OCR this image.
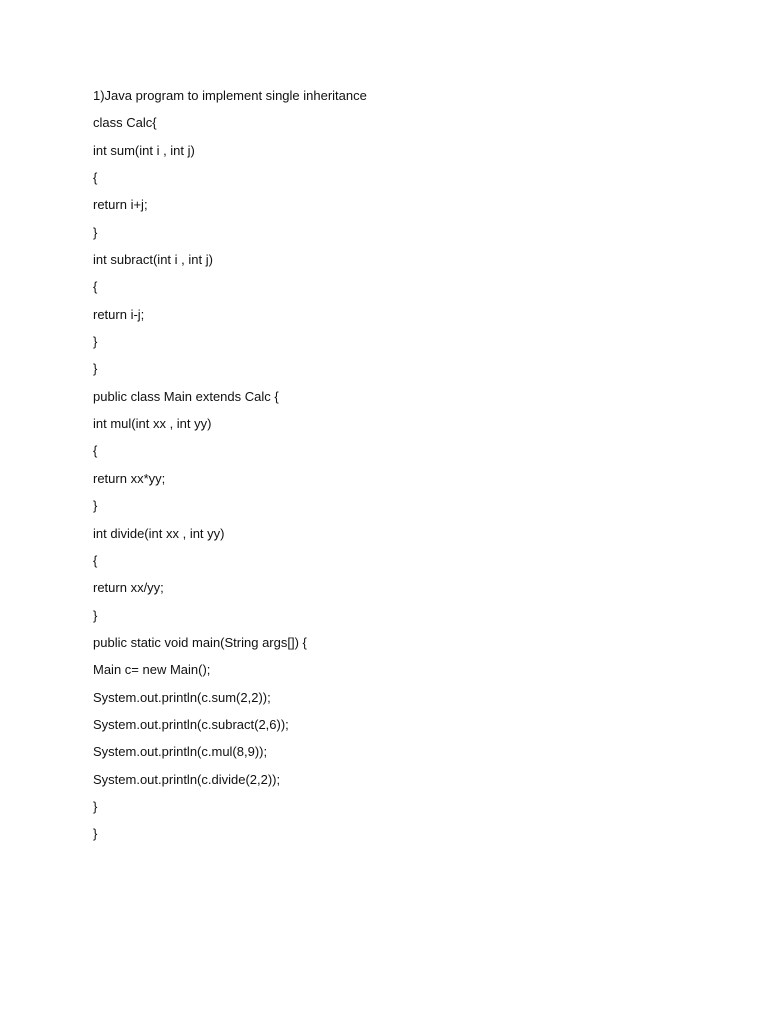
1)Java program to implement single inheritance
class Calc{
int sum(int i , int j)
{
return i+j;
}
int subract(int i , int j)
{
return i-j;
}
}
public class Main extends Calc {
int mul(int xx , int yy)
{
return xx*yy;
}
int divide(int xx , int yy)
{
return xx/yy;
}
public static void main(String args[]) {
Main c= new Main();
System.out.println(c.sum(2,2));
System.out.println(c.subract(2,6));
System.out.println(c.mul(8,9));
System.out.println(c.divide(2,2));
}
}
